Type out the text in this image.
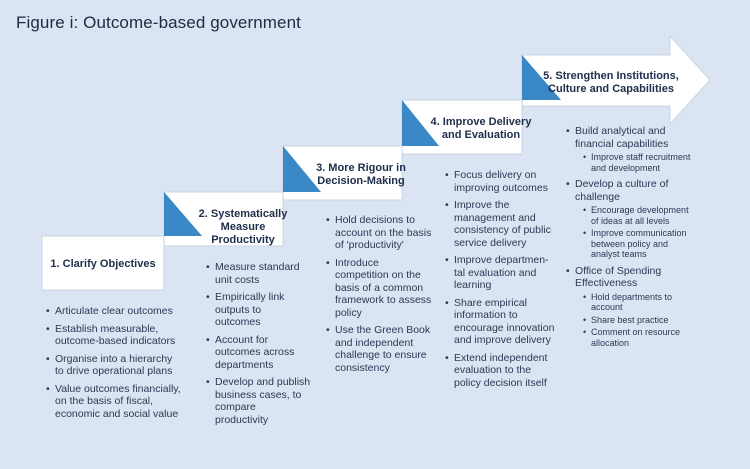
Figure i: Outcome-based government
1. Clarify Objectives
2. Systematically
Measure Productivity
3. More Rigour in
Decision-Making
4. Improve Delivery
and Evaluation
5. Strengthen Institutions,
Culture and Capabilities
• Articulate clear outcomes
• Establish measurable,
outcome-based indicators
• Organise into a hierarchy
to drive operational plans
• Value outcomes financially,
on the basis of fiscal,
economic and social value
• Measure standard
unit costs
• Empirically link
outputs to
outcomes
• Account for
outcomes across
departments
• Develop and publish
business cases, to
compare
productivity
• Hold decisions to
account on the basis
of 'productivity'
• Introduce
competition on the
basis of a common
framework to assess
policy
• Use the Green Book
and independent
challenge to ensure
consistency
• Focus delivery on
improving outcomes
• Improve the
management and
consistency of public
service delivery
• Improve departmen-
tal evaluation and
learning
• Share empirical
information to
encourage innovation
and improve delivery
• Extend independent
evaluation to the
policy decision itself
• Build analytical and
financial capabilities
• Improve staff recruitment
and development
• Develop a culture of
challenge
• Encourage development
of ideas at all levels
• Improve communication
between policy and
analyst teams
• Office of Spending
Effectiveness
• Hold departments to
account
• Share best practice
• Comment on resource
allocation
